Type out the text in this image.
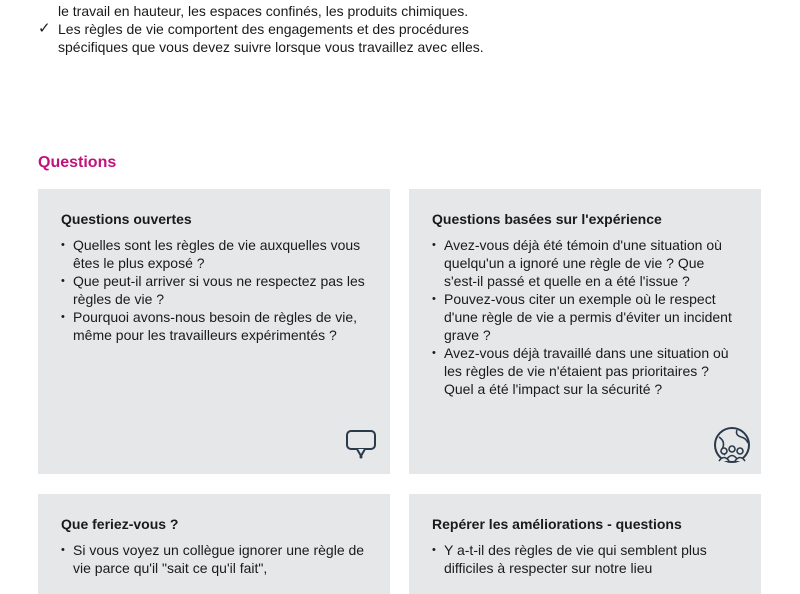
le travail en hauteur, les espaces confinés, les produits chimiques.

✓ Les règles de vie comportent des engagements et des procédures spécifiques que vous devez suivre lorsque vous travaillez avec elles.
Questions
Questions ouvertes
• Quelles sont les règles de vie auxquelles vous êtes le plus exposé ?
• Que peut-il arriver si vous ne respectez pas les règles de vie ?
• Pourquoi avons-nous besoin de règles de vie, même pour les travailleurs expérimentés ?
Questions basées sur l'expérience
• Avez-vous déjà été témoin d'une situation où quelqu'un a ignoré une règle de vie ? Que s'est-il passé et quelle en a été l'issue ?
• Pouvez-vous citer un exemple où le respect d'une règle de vie a permis d'éviter un incident grave ?
• Avez-vous déjà travaillé dans une situation où les règles de vie n'étaient pas prioritaires ? Quel a été l'impact sur la sécurité ?
Que feriez-vous ?
• Si vous voyez un collègue ignorer une règle de vie parce qu'il "sait ce qu'il fait",
Repérer les améliorations - questions
• Y a-t-il des règles de vie qui semblent plus difficiles à respecter sur notre lieu
